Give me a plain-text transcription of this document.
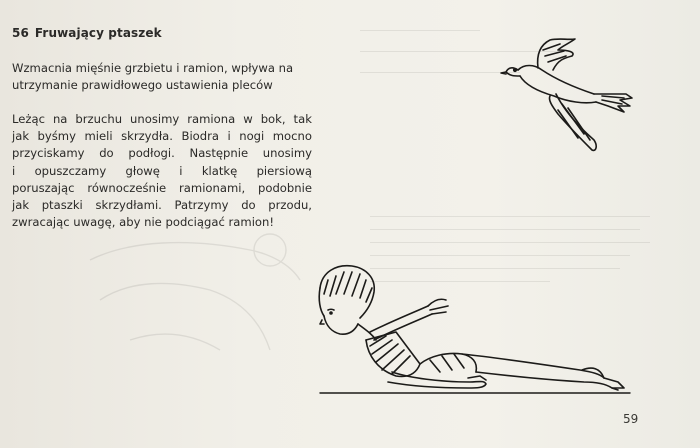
56 Fruwający ptaszek
Wzmacnia mięśnie grzbietu i ramion, wpływa na
utrzymanie prawidłowego ustawienia pleców
Leżąc na brzuchu unosimy ramiona w bok, tak
jak byśmy mieli skrzydła. Biodra i nogi mocno
przyciskamy do podłogi. Następnie unosimy
i opuszczamy głowę i klatkę piersiową
poruszając równocześnie ramionami, podobnie
jak ptaszki skrzydłami. Patrzymy do przodu,
zwracając uwagę, aby nie podciągać ramion!
59
